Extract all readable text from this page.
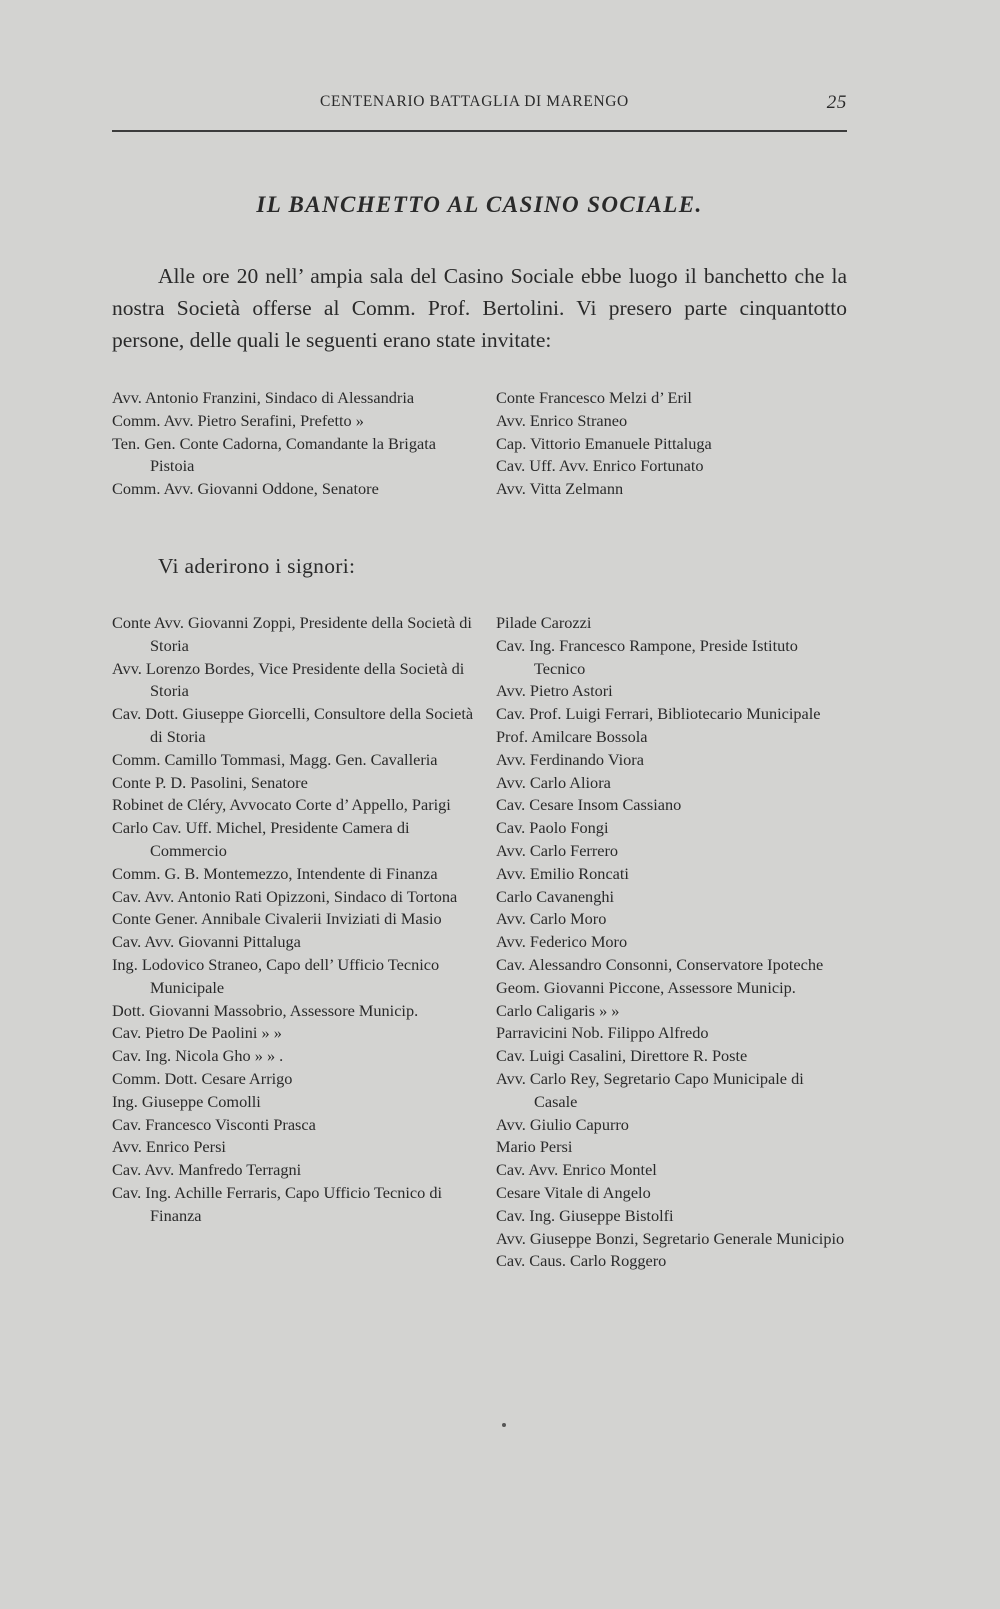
CENTENARIO BATTAGLIA DI MARENGO	25
IL BANCHETTO AL CASINO SOCIALE.

Alle ore 20 nell’ ampia sala del Casino Sociale ebbe luogo il banchetto che la nostra Società offerse al Comm. Prof. Bertolini. Vi presero parte cinquantotto persone, delle quali le seguenti erano state invitate:

Avv. Antonio Franzini, Sindaco di Alessandria
Comm. Avv. Pietro Serafini, Prefetto »
Ten. Gen. Conte Cadorna, Comandante la Brigata Pistoia
Comm. Avv. Giovanni Oddone, Senatore
Conte Francesco Melzi d’ Eril
Avv. Enrico Straneo
Cap. Vittorio Emanuele Pittaluga
Cav. Uff. Avv. Enrico Fortunato
Avv. Vitta Zelmann
Vi aderirono i signori:
Conte Avv. Giovanni Zoppi, Presidente della Società di Storia
Avv. Lorenzo Bordes, Vice Presidente della Società di Storia
Cav. Dott. Giuseppe Giorcelli, Consultore della Società di Storia
Comm. Camillo Tommasi, Magg. Gen. Cavalleria
Conte P. D. Pasolini, Senatore
Robinet de Cléry, Avvocato Corte d’ Appello, Parigi
Carlo Cav. Uff. Michel, Presidente Camera di Commercio
Comm. G. B. Montemezzo, Intendente di Finanza
Cav. Avv. Antonio Rati Opizzoni, Sindaco di Tortona
Conte Gener. Annibale Civalerii Inviziati di Masio
Cav. Avv. Giovanni Pittaluga
Ing. Lodovico Straneo, Capo dell’ Ufficio Tecnico Municipale
Dott. Giovanni Massobrio, Assessore Municip.
Cav. Pietro De Paolini » »
Cav. Ing. Nicola Gho » » .
Comm. Dott. Cesare Arrigo
Ing. Giuseppe Comolli
Cav. Francesco Visconti Prasca
Avv. Enrico Persi
Cav. Avv. Manfredo Terragni
Cav. Ing. Achille Ferraris, Capo Ufficio Tecnico di Finanza
Pilade Carozzi
Cav. Ing. Francesco Rampone, Preside Istituto Tecnico
Avv. Pietro Astori
Cav. Prof. Luigi Ferrari, Bibliotecario Municipale
Prof. Amilcare Bossola
Avv. Ferdinando Viora
Avv. Carlo Aliora
Cav. Cesare Insom Cassiano
Cav. Paolo Fongi
Avv. Carlo Ferrero
Avv. Emilio Roncati
Carlo Cavanenghi
Avv. Carlo Moro
Avv. Federico Moro
Cav. Alessandro Consonni, Conservatore Ipoteche
Geom. Giovanni Piccone, Assessore Municip.
Carlo Caligaris » »
Parravicini Nob. Filippo Alfredo
Cav. Luigi Casalini, Direttore R. Poste
Avv. Carlo Rey, Segretario Capo Municipale di Casale
Avv. Giulio Capurro
Mario Persi
Cav. Avv. Enrico Montel
Cesare Vitale di Angelo
Cav. Ing. Giuseppe Bistolfi
Avv. Giuseppe Bonzi, Segretario Generale Municipio
Cav. Caus. Carlo Roggero
